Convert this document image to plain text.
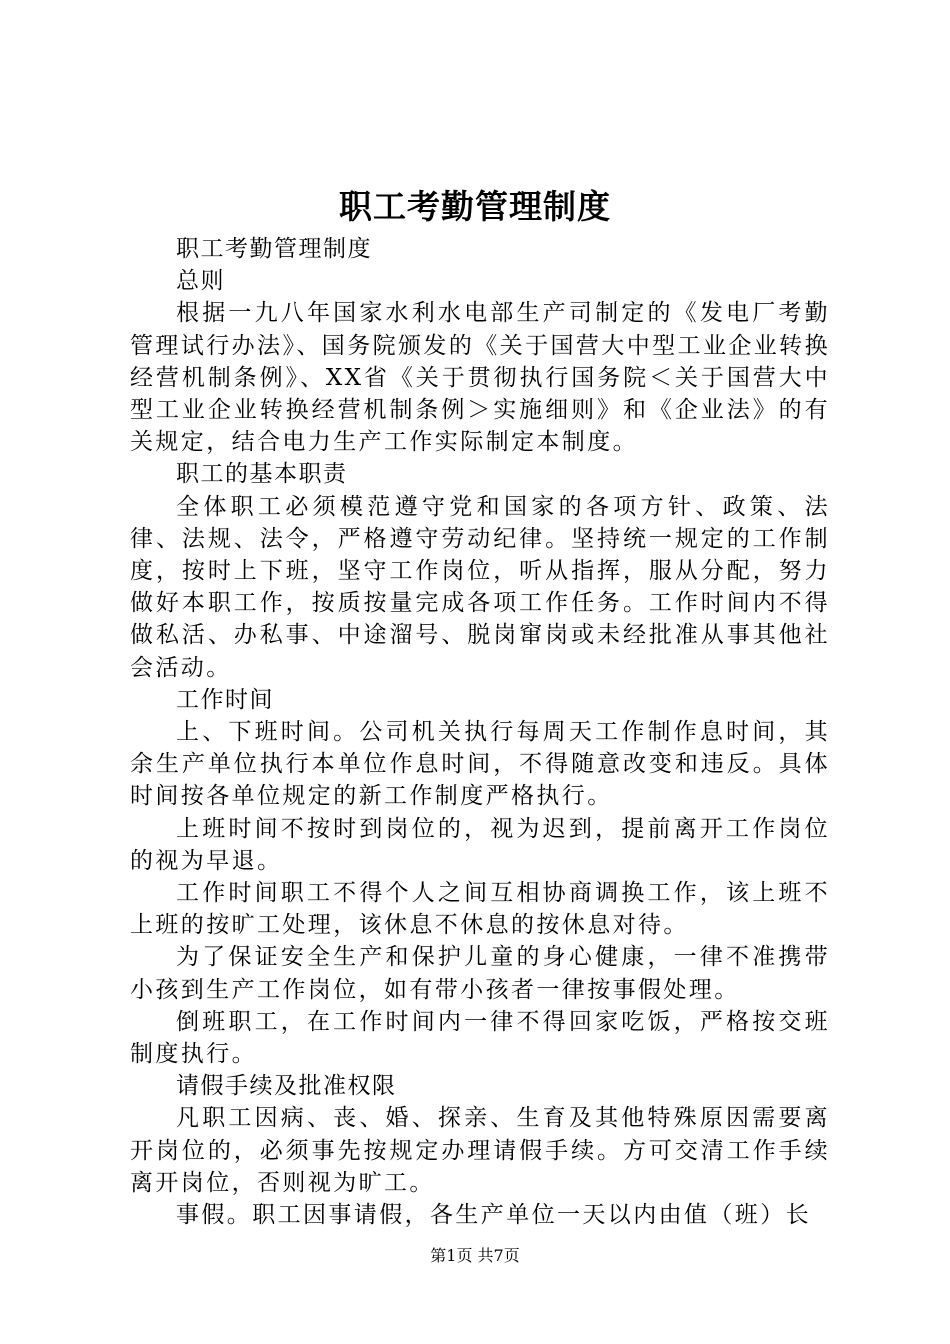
职工考勤管理制度

职工考勤管理制度

总则

根据一九八年国家水利水电部生产司制定的《发电厂考勤管理试行办法》、国务院颁发的《关于国营大中型工业企业转换经营机制条例》、XX省《关于贯彻执行国务院＜关于国营大中型工业企业转换经营机制条例＞实施细则》和《企业法》的有关规定，结合电力生产工作实际制定本制度。

职工的基本职责

全体职工必须模范遵守党和国家的各项方针、政策、法律、法规、法令，严格遵守劳动纪律。坚持统一规定的工作制度，按时上下班，坚守工作岗位，听从指挥，服从分配，努力做好本职工作，按质按量完成各项工作任务。工作时间内不得做私活、办私事、中途溜号、脱岗窜岗或未经批准从事其他社会活动。

工作时间

上、下班时间。公司机关执行每周天工作制作息时间，其余生产单位执行本单位作息时间，不得随意改变和违反。具体时间按各单位规定的新工作制度严格执行。

上班时间不按时到岗位的，视为迟到，提前离开工作岗位的视为早退。

工作时间职工不得个人之间互相协商调换工作，该上班不上班的按旷工处理，该休息不休息的按休息对待。

为了保证安全生产和保护儿童的身心健康，一律不准携带小孩到生产工作岗位，如有带小孩者一律按事假处理。

倒班职工，在工作时间内一律不得回家吃饭，严格按交班制度执行。

请假手续及批准权限

凡职工因病、丧、婚、探亲、生育及其他特殊原因需要离开岗位的，必须事先按规定办理请假手续。方可交清工作手续离开岗位，否则视为旷工。

事假。职工因事请假，各生产单位一天以内由值（班）长

第1页 共7页
